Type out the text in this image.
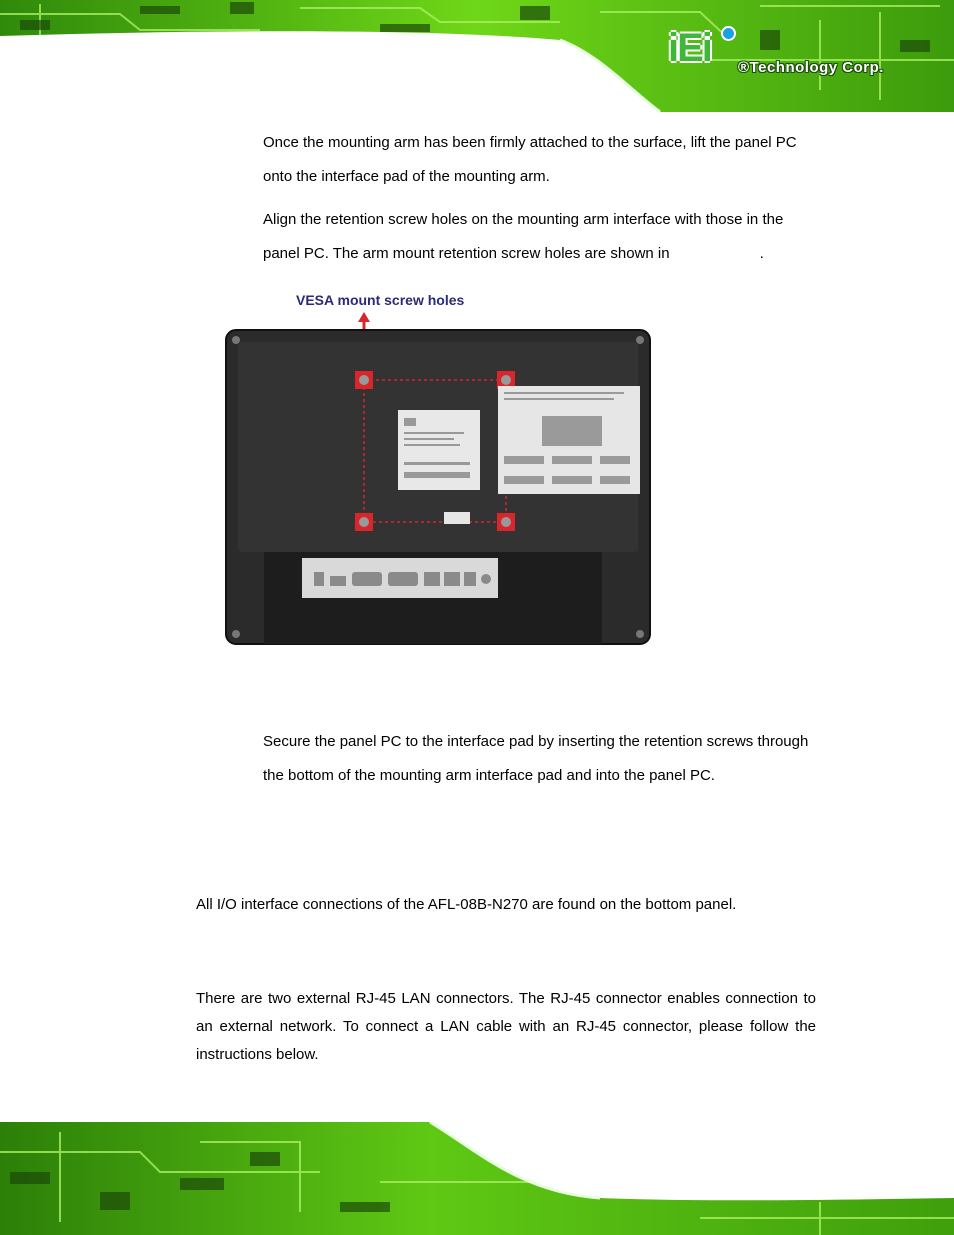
iEi	®Technology Corp.

Once the mounting arm has been firmly attached to the surface, lift the panel PC onto the interface pad of the mounting arm.

Align the retention screw holes on the mounting arm interface with those in the panel PC. The arm mount retention screw holes are shown in	.

VESA mount screw holes

Secure the panel PC to the interface pad by inserting the retention screws through the bottom of the mounting arm interface pad and into the panel PC.

All I/O interface connections of the AFL-08B-N270 are found on the bottom panel.

There are two external RJ-45 LAN connectors. The RJ-45 connector enables connection to an external network. To connect a LAN cable with an RJ-45 connector, please follow the instructions below.
